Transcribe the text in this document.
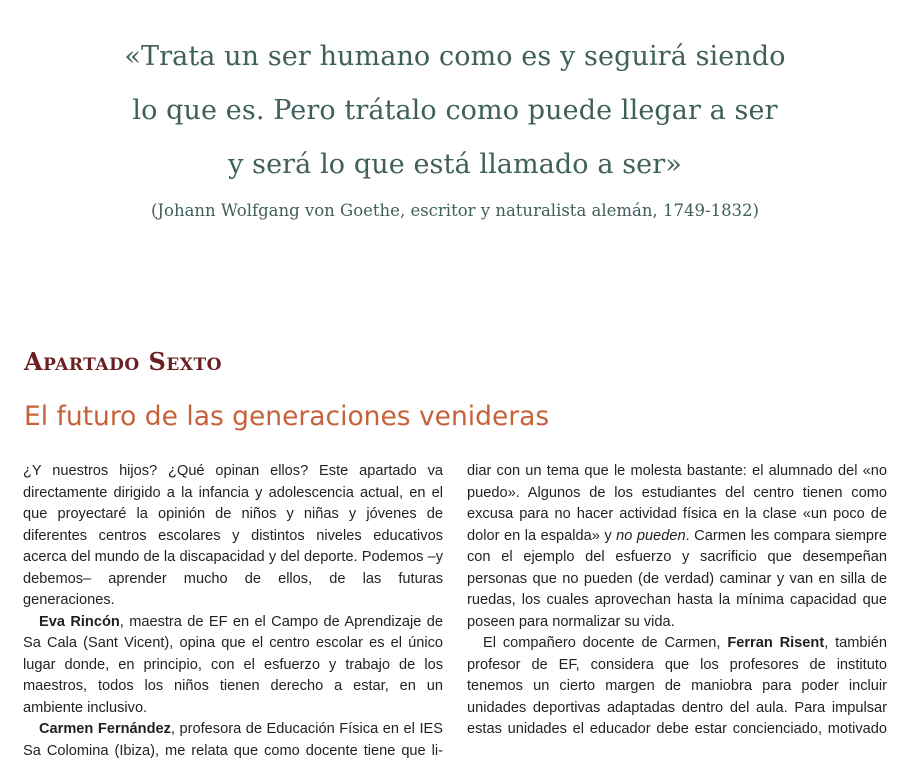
«Trata un ser humano como es y seguirá siendo
lo que es. Pero trátalo como puede llegar a ser
y será lo que está llamado a ser»
(Johann Wolfgang von Goethe, escritor y naturalista alemán, 1749-1832)
Apartado Sexto
El futuro de las generaciones venideras

¿Y nuestros hijos? ¿Qué opinan ellos? Este apartado va directamente dirigido a la infancia y adolescencia actual, en el que proyectaré la opinión de niños y niñas y jóvenes de diferentes centros escolares y distintos niveles educativos acerca del mundo de la discapacidad y del deporte. Podemos –y debemos– aprender mucho de ellos, de las futuras generaciones.

Eva Rincón, maestra de EF en el Campo de Aprendizaje de Sa Cala (Sant Vicent), opina que el centro escolar es el único lugar donde, en principio, con el esfuerzo y trabajo de los maestros, todos los niños tienen derecho a estar, en un ambiente inclusivo.

Carmen Fernández, profesora de Educación Física en el IES Sa Colomina (Ibiza), me relata que como docente tiene que li-

diar con un tema que le molesta bastante: el alumnado del «no puedo». Algunos de los estudiantes del centro tienen como excusa para no hacer actividad física en la clase «un poco de dolor en la espalda» y no pueden. Carmen les compara siempre con el ejemplo del esfuerzo y sacrificio que desempeñan personas que no pueden (de verdad) caminar y van en silla de ruedas, los cuales aprovechan hasta la mínima capacidad que poseen para normalizar su vida.

El compañero docente de Carmen, Ferran Risent, también profesor de EF, considera que los profesores de instituto tenemos un cierto margen de maniobra para poder incluir unidades deportivas adaptadas dentro del aula. Para impulsar estas unidades el educador debe estar concienciado, motivado
